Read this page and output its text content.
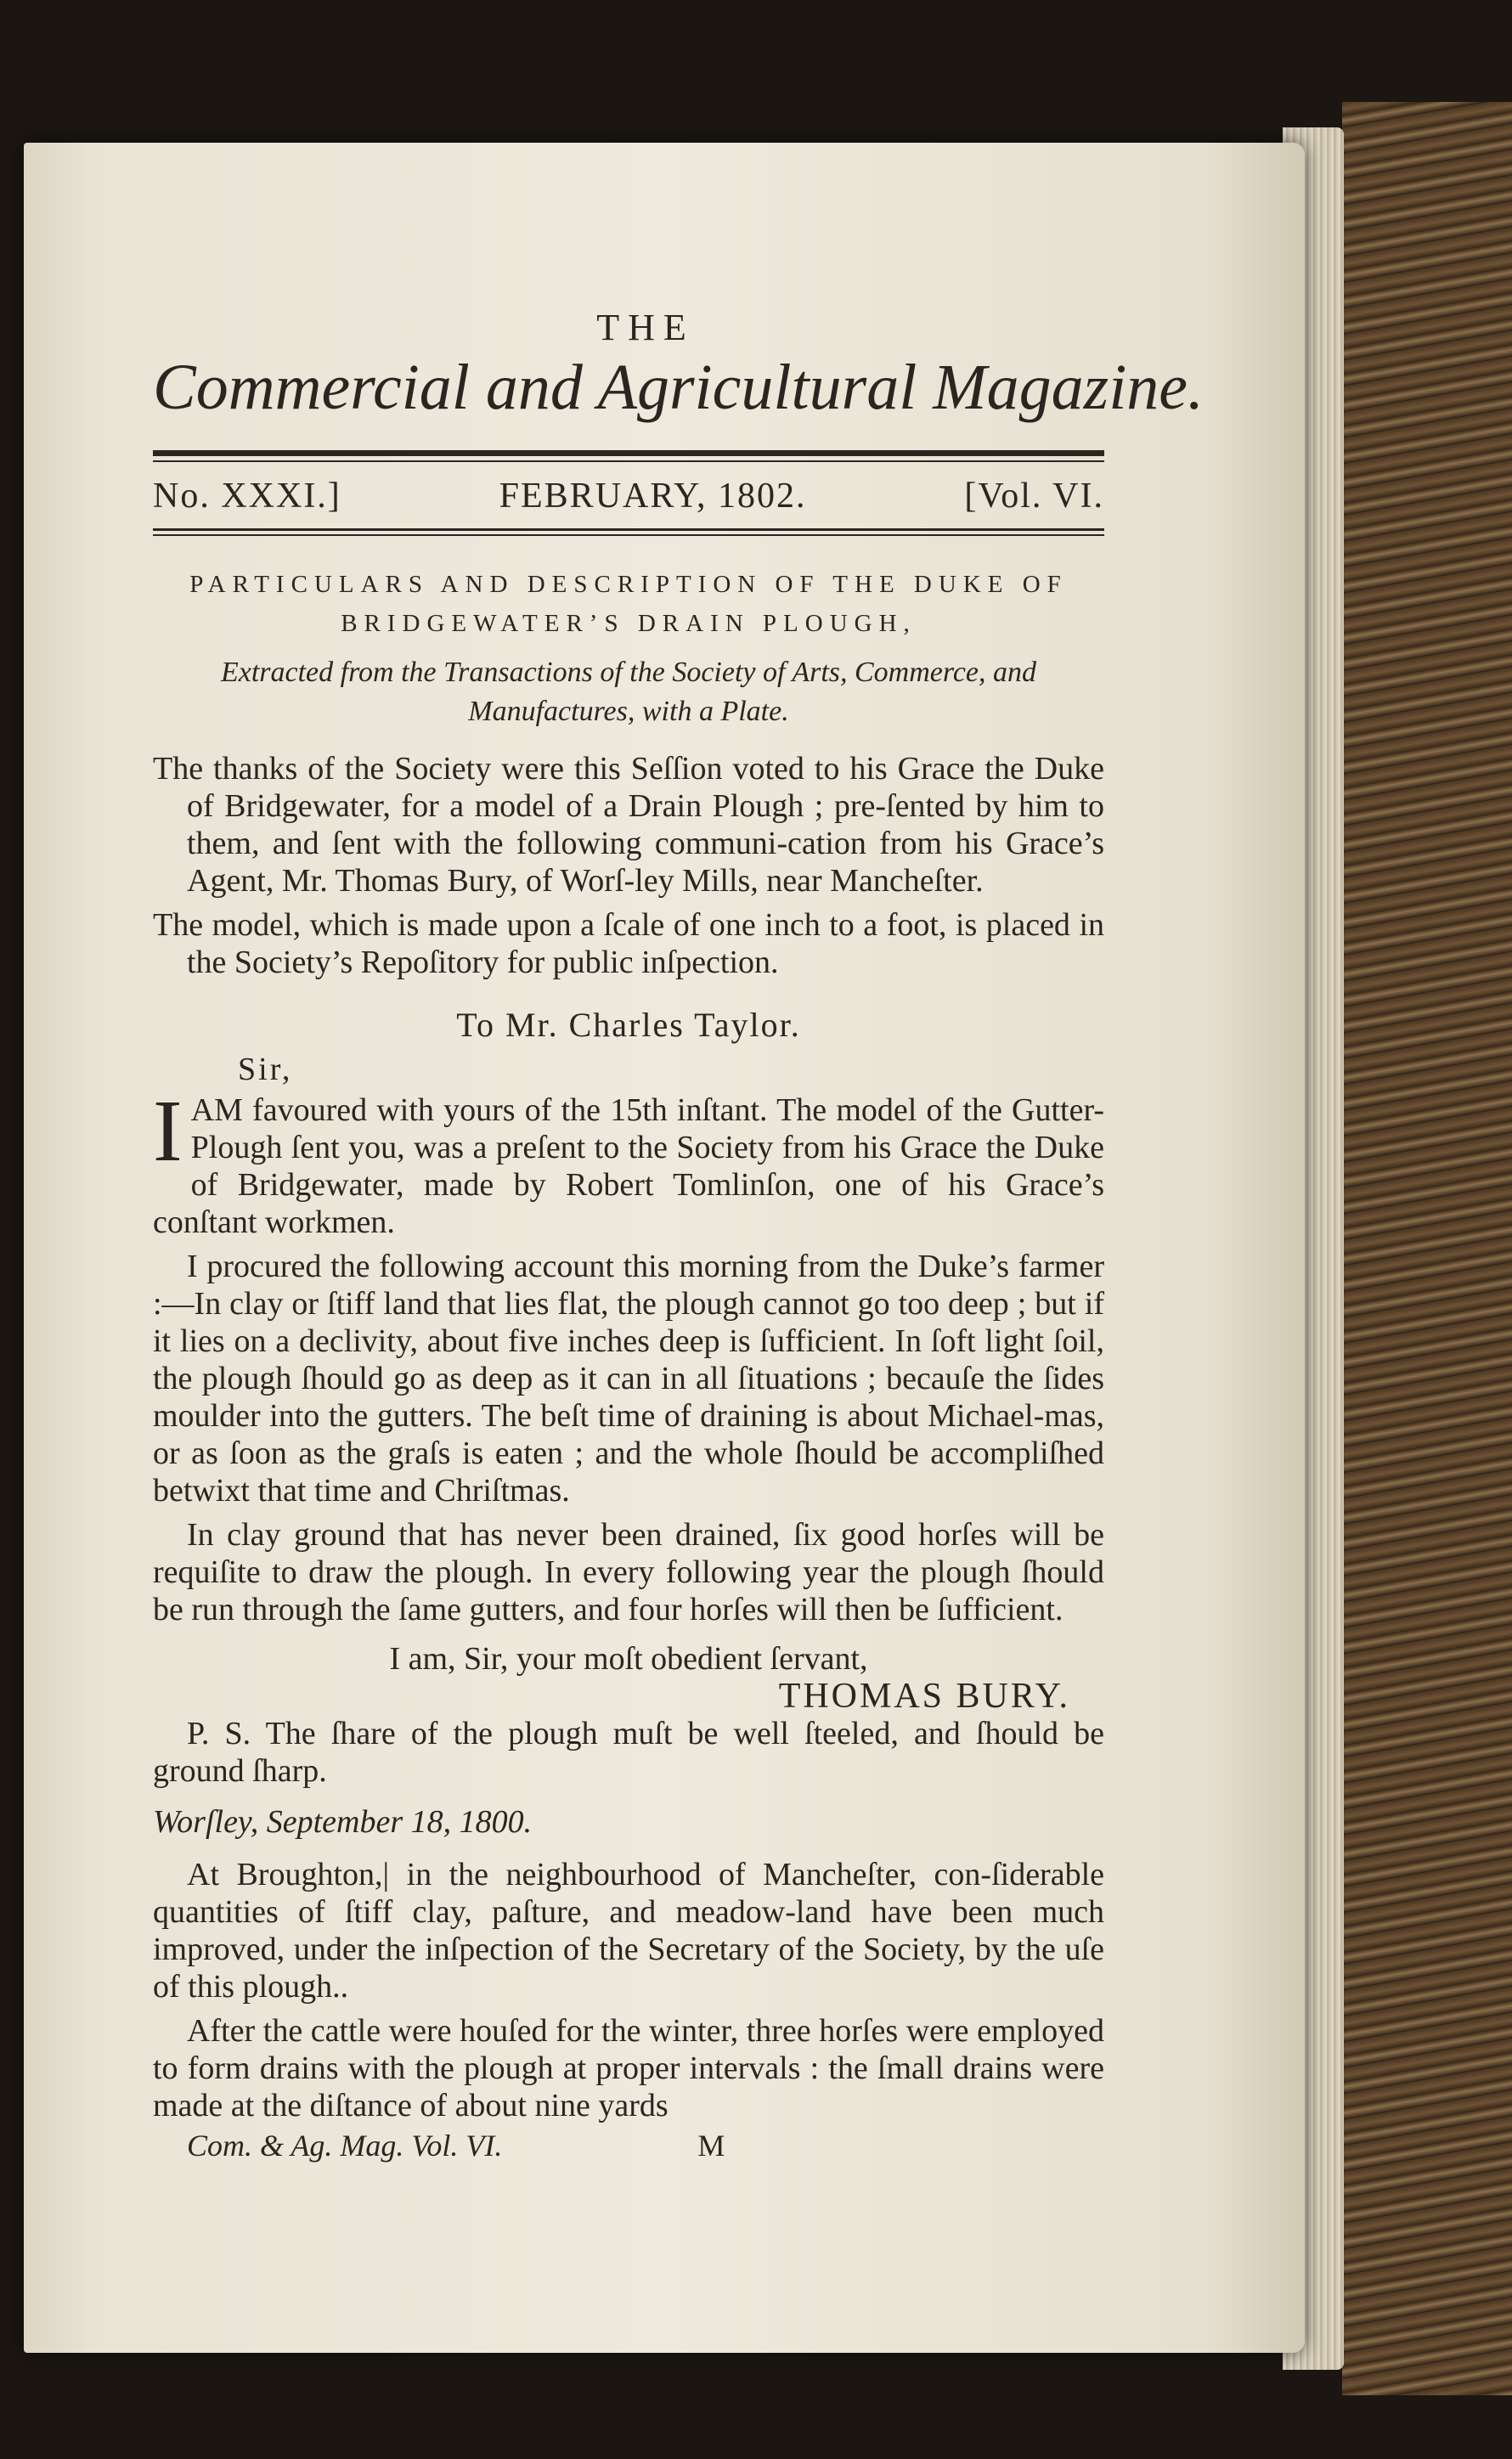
THE
Commercial and Agricultural Magazine.
No. XXXI.]	FEBRUARY, 1802.	[Vol. VI.
PARTICULARS AND DESCRIPTION OF THE DUKE OF
BRIDGEWATER’S DRAIN PLOUGH,
Extracted from the Transactions of the Society of Arts, Commerce, and
Manufactures, with a Plate.

The thanks of the Society were this Seſſion voted to his Grace the Duke of Bridgewater, for a model of a Drain Plough ; pre-ſented by him to them, and ſent with the following communi-cation from his Grace’s Agent, Mr. Thomas Bury, of Worſ-ley Mills, near Mancheſter.

The model, which is made upon a ſcale of one inch to a foot, is placed in the Society’s Repoſitory for public inſpection.

To Mr. Charles Taylor.
Sir,

IAM favoured with yours of the 15th inſtant. The model of the Gutter-Plough ſent you, was a preſent to the Society from his Grace the Duke of Bridgewater, made by Robert Tomlinſon, one of his Grace’s conſtant workmen.

I procured the following account this morning from the Duke’s farmer :—In clay or ſtiff land that lies flat, the plough cannot go too deep ; but if it lies on a declivity, about five inches deep is ſufficient. In ſoft light ſoil, the plough ſhould go as deep as it can in all ſituations ; becauſe the ſides moulder into the gutters. The beſt time of draining is about Michael-mas, or as ſoon as the graſs is eaten ; and the whole ſhould be accompliſhed betwixt that time and Chriſtmas.

In clay ground that has never been drained, ſix good horſes will be requiſite to draw the plough. In every following year the plough ſhould be run through the ſame gutters, and four horſes will then be ſufficient.

I am, Sir, your moſt obedient ſervant,
THOMAS BURY.

P. S. The ſhare of the plough muſt be well ſteeled, and ſhould be ground ſharp.

Worſley, September 18, 1800.

At Broughton,| in the neighbourhood of Mancheſter, con-ſiderable quantities of ſtiff clay, paſture, and meadow-land have been much improved, under the inſpection of the Secretary of the Society, by the uſe of this plough..

After the cattle were houſed for the winter, three horſes were employed to form drains with the plough at proper intervals : the ſmall drains were made at the diſtance of about nine yards

Com. & Ag. Mag. Vol. VI.	M
